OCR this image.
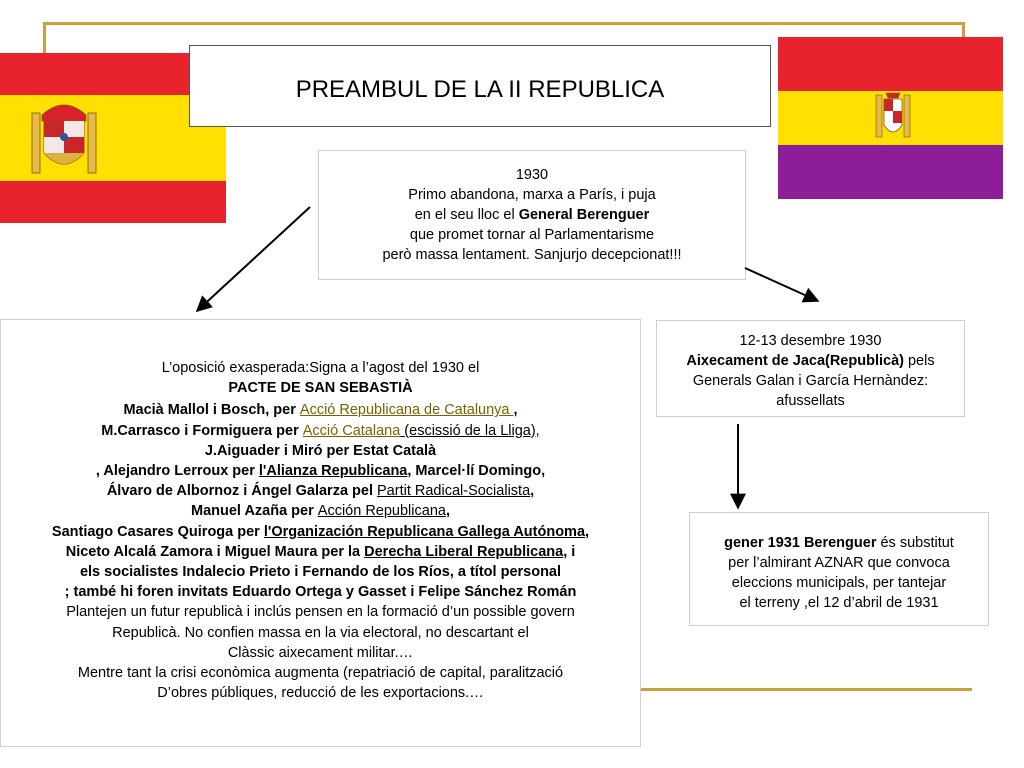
PREAMBUL DE LA II REPUBLICA
1930
Primo abandona, marxa a París, i puja
en el seu lloc el General Berenguer
que promet tornar al Parlamentarisme
però massa lentament. Sanjurjo decepcionat!!!
12-13 desembre 1930
Aixecament de Jaca(Republicà) pels
Generals Galan i García Hernàndez:
afussellats
gener 1931 Berenguer és substitut
per l’almirant AZNAR que convoca
eleccions municipals, per tantejar
el terreny ,el 12 d’abril de 1931
L’oposició exasperada:Signa a l’agost del 1930 el
PACTE DE SAN SEBASTIÀ
Macià Mallol i Bosch, per Acció Republicana de Catalunya ,
M.Carrasco i Formiguera per Acció Catalana (escissió de la Lliga),
J.Aiguader i Miró per Estat Català
, Alejandro Lerroux per l'Alianza Republicana, Marcel·lí Domingo,
Álvaro de Albornoz i Ángel Galarza pel Partit Radical-Socialista,
Manuel Azaña per Acción Republicana,
Santiago Casares Quiroga per l'Organización Republicana Gallega Autónoma,
Niceto Alcalá Zamora i Miguel Maura per la Derecha Liberal Republicana, i
els socialistes Indalecio Prieto i Fernando de los Ríos, a títol personal
; també hi foren invitats Eduardo Ortega y Gasset i Felipe Sánchez Román
Plantejen un futur republicà i inclús pensen en la formació d’un possible govern
Republicà. No confien massa en la via electoral, no descartant el
Clàssic aixecament militar.…
Mentre tant la crisi econòmica augmenta (repatriació de capital, paralització
D’obres públiques, reducció de les exportacions.…
